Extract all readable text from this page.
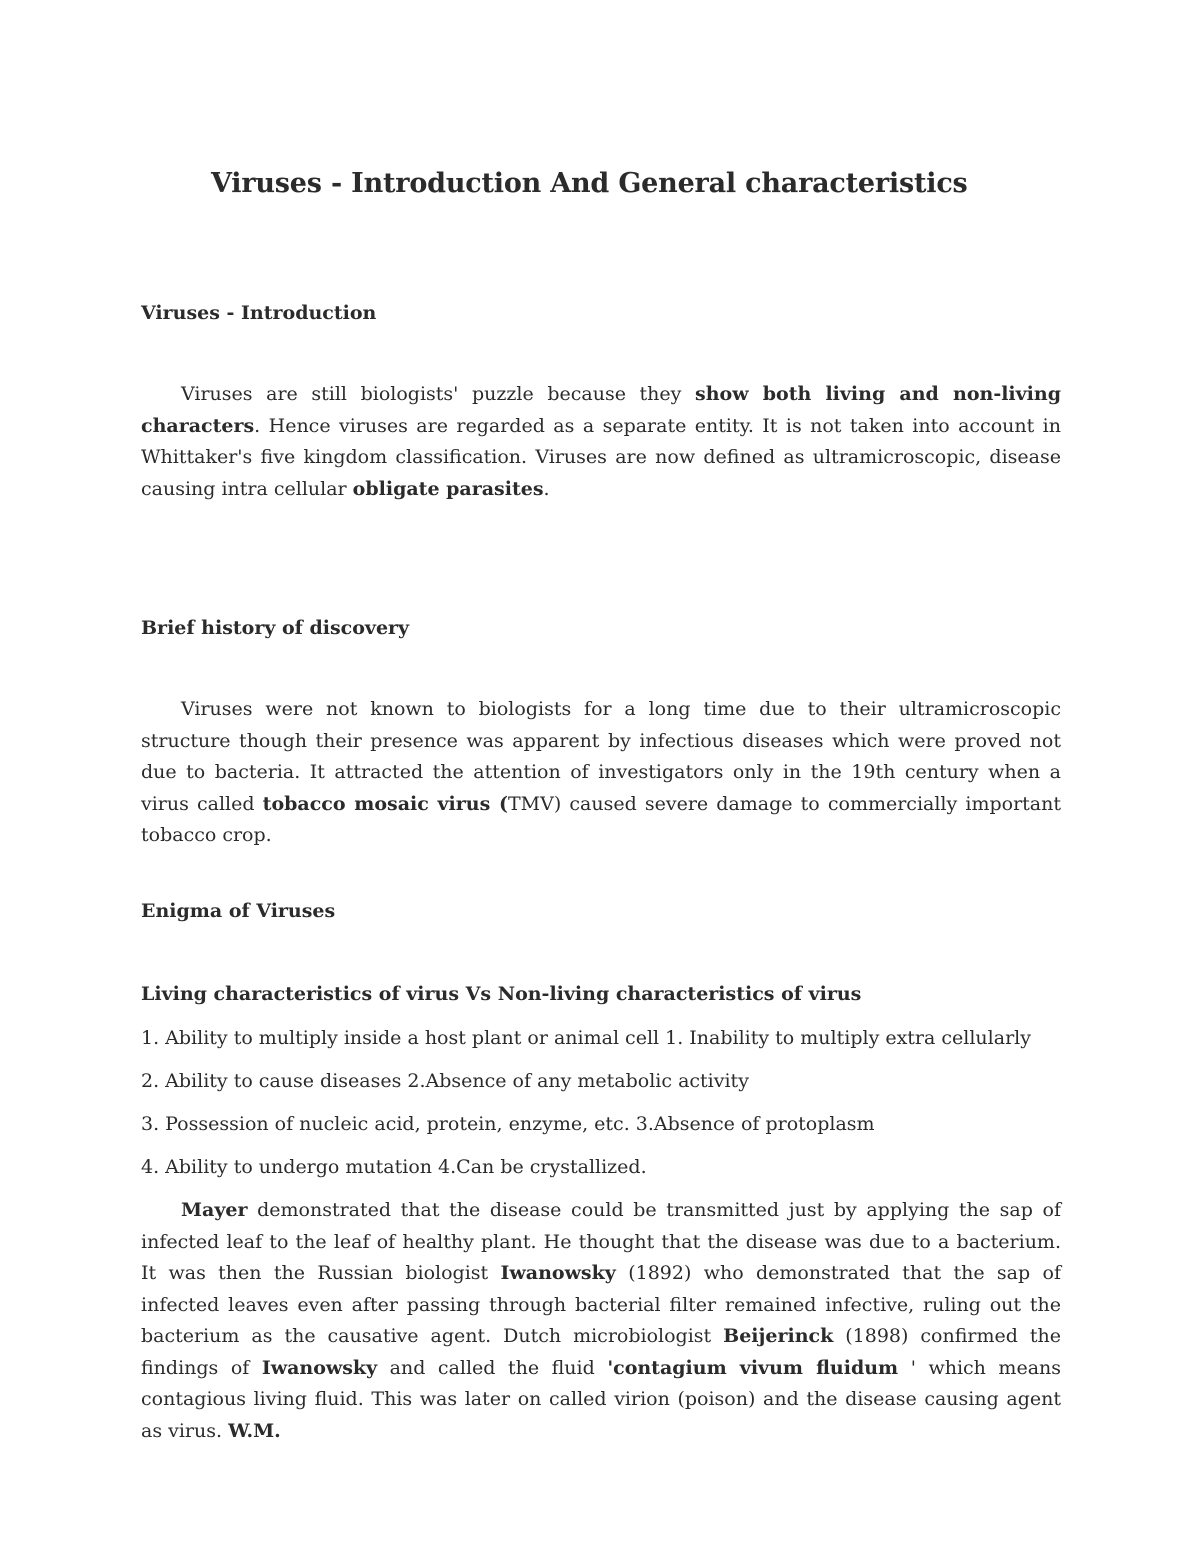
Viruses - Introduction And General characteristics
Viruses - Introduction

Viruses are still biologists' puzzle because they show both living and non-living characters. Hence viruses are regarded as a separate entity. It is not taken into account in Whittaker's five kingdom classification. Viruses are now defined as ultramicroscopic, disease causing intra cellular obligate parasites.

Brief history of discovery

Viruses were not known to biologists for a long time due to their ultramicroscopic structure though their presence was apparent by infectious diseases which were proved not due to bacteria. It attracted the attention of investigators only in the 19th century when a virus called tobacco mosaic virus (TMV) caused severe damage to commercially important tobacco crop.

Enigma of Viruses
Living characteristics of virus Vs Non-living characteristics of virus

1. Ability to multiply inside a host plant or animal cell 1. Inability to multiply extra cellularly

2. Ability to cause diseases 2.Absence of any metabolic activity

3. Possession of nucleic acid, protein, enzyme, etc. 3.Absence of protoplasm

4. Ability to undergo mutation 4.Can be crystallized.

Mayer demonstrated that the disease could be transmitted just by applying the sap of infected leaf to the leaf of healthy plant. He thought that the disease was due to a bacterium. It was then the Russian biologist Iwanowsky (1892) who demonstrated that the sap of infected leaves even after passing through bacterial filter remained infective, ruling out the bacterium as the causative agent. Dutch microbiologist Beijerinck (1898) confirmed the findings of Iwanowsky and called the fluid 'contagium vivum fluidum ' which means contagious living fluid. This was later on called virion (poison) and the disease causing agent as virus. W.M.
